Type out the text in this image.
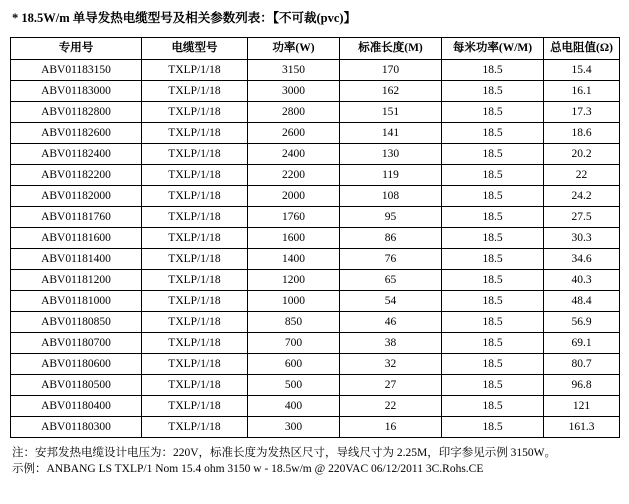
* 18.5W/m 单导发热电缆型号及相关参数列表：【不可裁(pvc)】
专用号	电缆型号	功率(W)	标准长度(M)	每米功率(W/M)	总电阻值(Ω)
ABV01183150	TXLP/1/18	3150	170	18.5	15.4
ABV01183000	TXLP/1/18	3000	162	18.5	16.1
ABV01182800	TXLP/1/18	2800	151	18.5	17.3
ABV01182600	TXLP/1/18	2600	141	18.5	18.6
ABV01182400	TXLP/1/18	2400	130	18.5	20.2
ABV01182200	TXLP/1/18	2200	119	18.5	22
ABV01182000	TXLP/1/18	2000	108	18.5	24.2
ABV01181760	TXLP/1/18	1760	95	18.5	27.5
ABV01181600	TXLP/1/18	1600	86	18.5	30.3
ABV01181400	TXLP/1/18	1400	76	18.5	34.6
ABV01181200	TXLP/1/18	1200	65	18.5	40.3
ABV01181000	TXLP/1/18	1000	54	18.5	48.4
ABV01180850	TXLP/1/18	850	46	18.5	56.9
ABV01180700	TXLP/1/18	700	38	18.5	69.1
ABV01180600	TXLP/1/18	600	32	18.5	80.7
ABV01180500	TXLP/1/18	500	27	18.5	96.8
ABV01180400	TXLP/1/18	400	22	18.5	121
ABV01180300	TXLP/1/18	300	16	18.5	161.3
注：安邦发热电缆设计电压为：220V，标准长度为发热区尺寸，导线尺寸为 2.25M，印字参见示例 3150W。
示例：ANBANG LS TXLP/1 Nom 15.4 ohm 3150 w - 18.5w/m @ 220VAC 06/12/2011 3C.Rohs.CE
